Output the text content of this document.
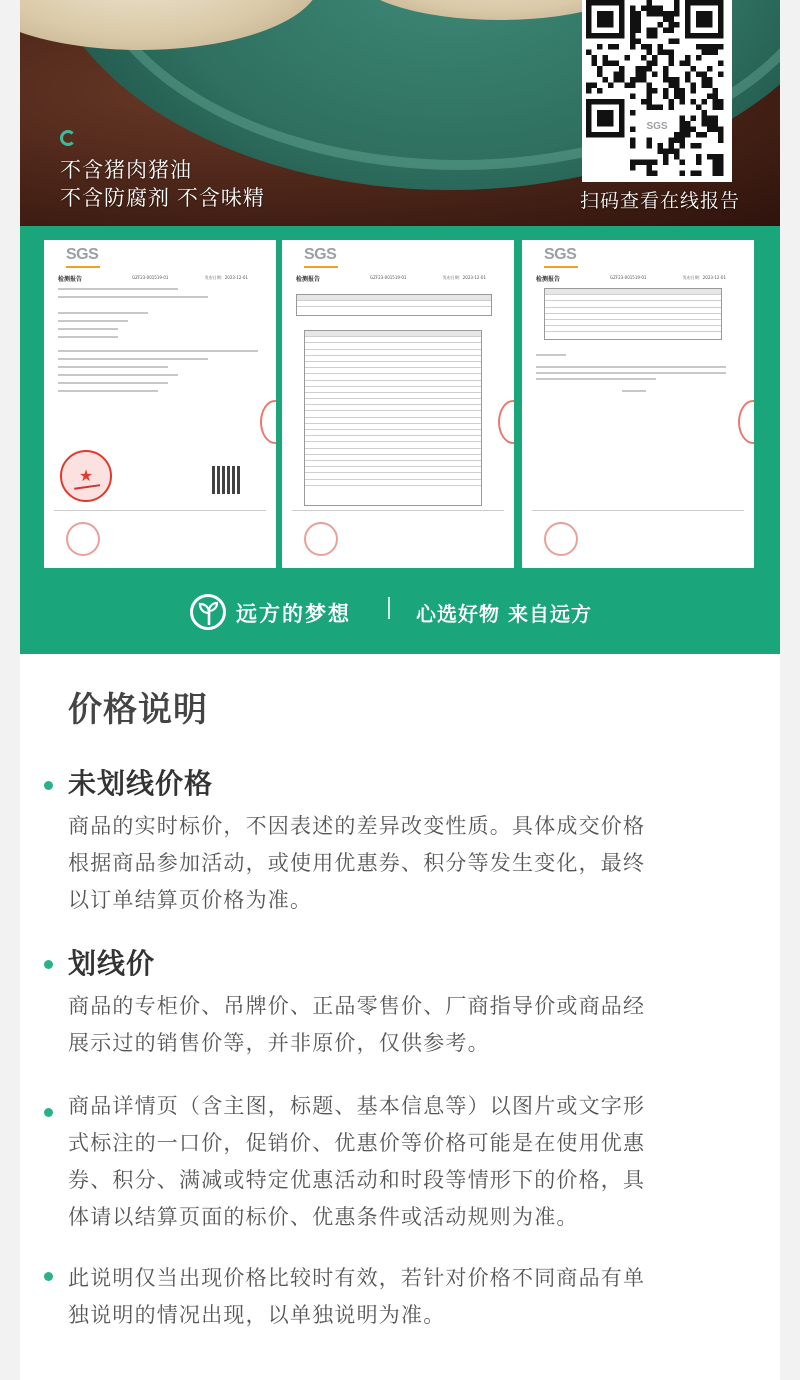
不含猪肉猪油
不含防腐剂 不含味精
SGS
扫码查看在线报告
SGS
检测报告	GZF23-001519-01	发布日期：2023-12-01
★
SGS
检测报告	GZF23-001519-01	发布日期：2023-12-01
SGS
检测报告	GZF23-001519-01	发布日期：2023-12-01
远方的梦想	心选好物 来自远方
价格说明
未划线价格
商品的实时标价，不因表述的差异改变性质。具体成交价格
根据商品参加活动，或使用优惠券、积分等发生变化，最终
以订单结算页价格为准。
划线价
商品的专柜价、吊牌价、正品零售价、厂商指导价或商品经
展示过的销售价等，并非原价，仅供参考。
商品详情页（含主图，标题、基本信息等）以图片或文字形
式标注的一口价，促销价、优惠价等价格可能是在使用优惠
券、积分、满减或特定优惠活动和时段等情形下的价格，具
体请以结算页面的标价、优惠条件或活动规则为准。
此说明仅当出现价格比较时有效，若针对价格不同商品有单
独说明的情况出现，以单独说明为准。
